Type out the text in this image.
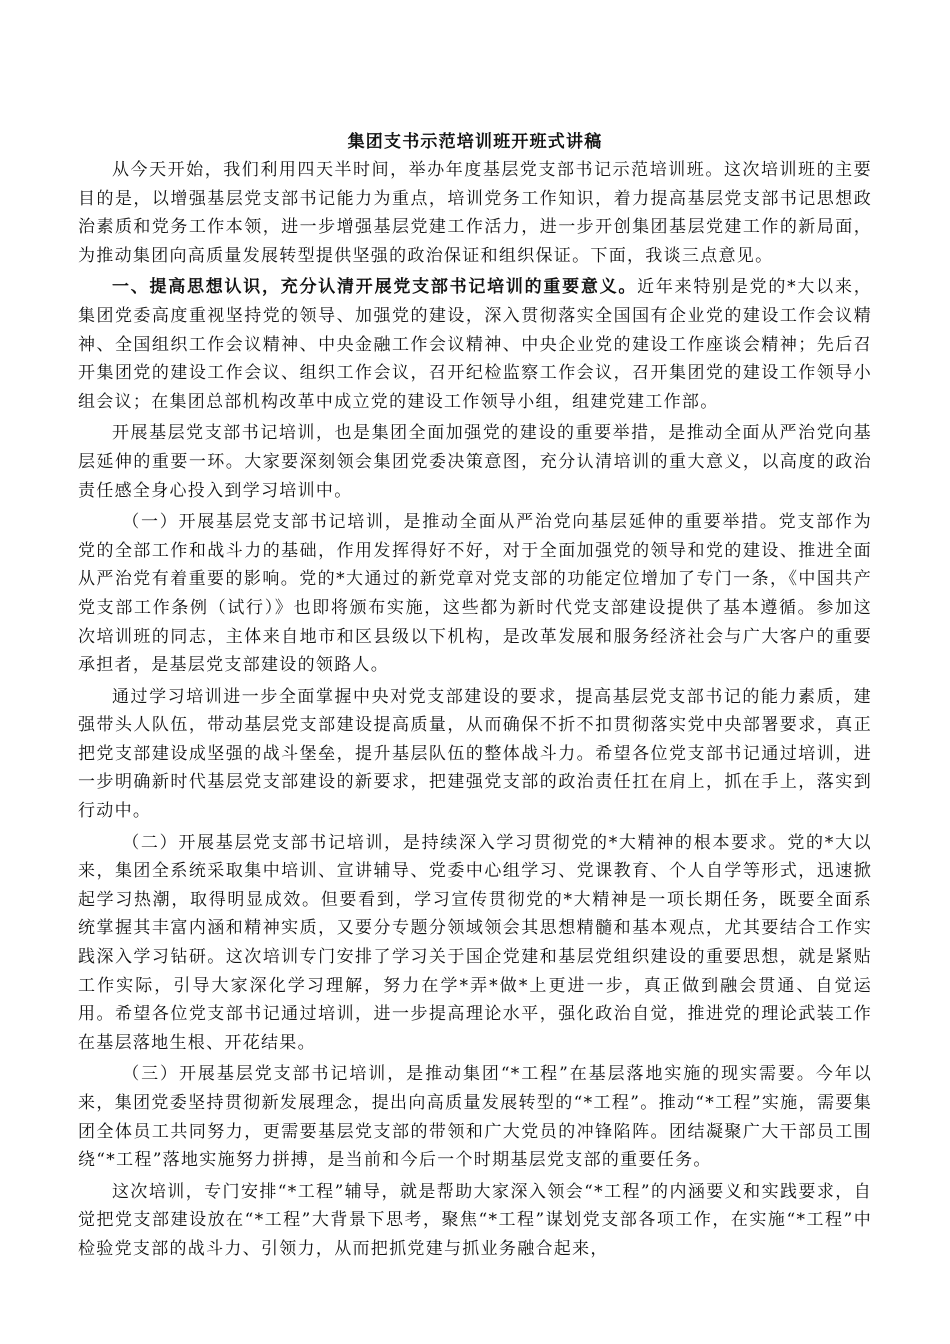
集团支书示范培训班开班式讲稿

从今天开始，我们利用四天半时间，举办年度基层党支部书记示范培训班。这次培训班的主要目的是，以增强基层党支部书记能力为重点，培训党务工作知识，着力提高基层党支部书记思想政治素质和党务工作本领，进一步增强基层党建工作活力，进一步开创集团基层党建工作的新局面，为推动集团向高质量发展转型提供坚强的政治保证和组织保证。下面，我谈三点意见。

一、提高思想认识，充分认清开展党支部书记培训的重要意义。近年来特别是党的*大以来，集团党委高度重视坚持党的领导、加强党的建设，深入贯彻落实全国国有企业党的建设工作会议精神、全国组织工作会议精神、中央金融工作会议精神、中央企业党的建设工作座谈会精神；先后召开集团党的建设工作会议、组织工作会议，召开纪检监察工作会议，召开集团党的建设工作领导小组会议；在集团总部机构改革中成立党的建设工作领导小组，组建党建工作部。

开展基层党支部书记培训，也是集团全面加强党的建设的重要举措，是推动全面从严治党向基层延伸的重要一环。大家要深刻领会集团党委决策意图，充分认清培训的重大意义，以高度的政治责任感全身心投入到学习培训中。

（一）开展基层党支部书记培训，是推动全面从严治党向基层延伸的重要举措。党支部作为党的全部工作和战斗力的基础，作用发挥得好不好，对于全面加强党的领导和党的建设、推进全面从严治党有着重要的影响。党的*大通过的新党章对党支部的功能定位增加了专门一条，《中国共产党支部工作条例（试行）》也即将颁布实施，这些都为新时代党支部建设提供了基本遵循。参加这次培训班的同志，主体来自地市和区县级以下机构，是改革发展和服务经济社会与广大客户的重要承担者，是基层党支部建设的领路人。

通过学习培训进一步全面掌握中央对党支部建设的要求，提高基层党支部书记的能力素质，建强带头人队伍，带动基层党支部建设提高质量，从而确保不折不扣贯彻落实党中央部署要求，真正把党支部建设成坚强的战斗堡垒，提升基层队伍的整体战斗力。希望各位党支部书记通过培训，进一步明确新时代基层党支部建设的新要求，把建强党支部的政治责任扛在肩上，抓在手上，落实到行动中。

（二）开展基层党支部书记培训，是持续深入学习贯彻党的*大精神的根本要求。党的*大以来，集团全系统采取集中培训、宣讲辅导、党委中心组学习、党课教育、个人自学等形式，迅速掀起学习热潮，取得明显成效。但要看到，学习宣传贯彻党的*大精神是一项长期任务，既要全面系统掌握其丰富内涵和精神实质，又要分专题分领域领会其思想精髓和基本观点，尤其要结合工作实践深入学习钻研。这次培训专门安排了学习关于国企党建和基层党组织建设的重要思想，就是紧贴工作实际，引导大家深化学习理解，努力在学*弄*做*上更进一步，真正做到融会贯通、自觉运用。希望各位党支部书记通过培训，进一步提高理论水平，强化政治自觉，推进党的理论武装工作在基层落地生根、开花结果。

（三）开展基层党支部书记培训，是推动集团“*工程”在基层落地实施的现实需要。今年以来，集团党委坚持贯彻新发展理念，提出向高质量发展转型的“*工程”。推动“*工程”实施，需要集团全体员工共同努力，更需要基层党支部的带领和广大党员的冲锋陷阵。团结凝聚广大干部员工围绕“*工程”落地实施努力拼搏，是当前和今后一个时期基层党支部的重要任务。

这次培训，专门安排“*工程”辅导，就是帮助大家深入领会“*工程”的内涵要义和实践要求，自觉把党支部建设放在“*工程”大背景下思考，聚焦“*工程”谋划党支部各项工作，在实施“*工程”中检验党支部的战斗力、引领力，从而把抓党建与抓业务融合起来，
